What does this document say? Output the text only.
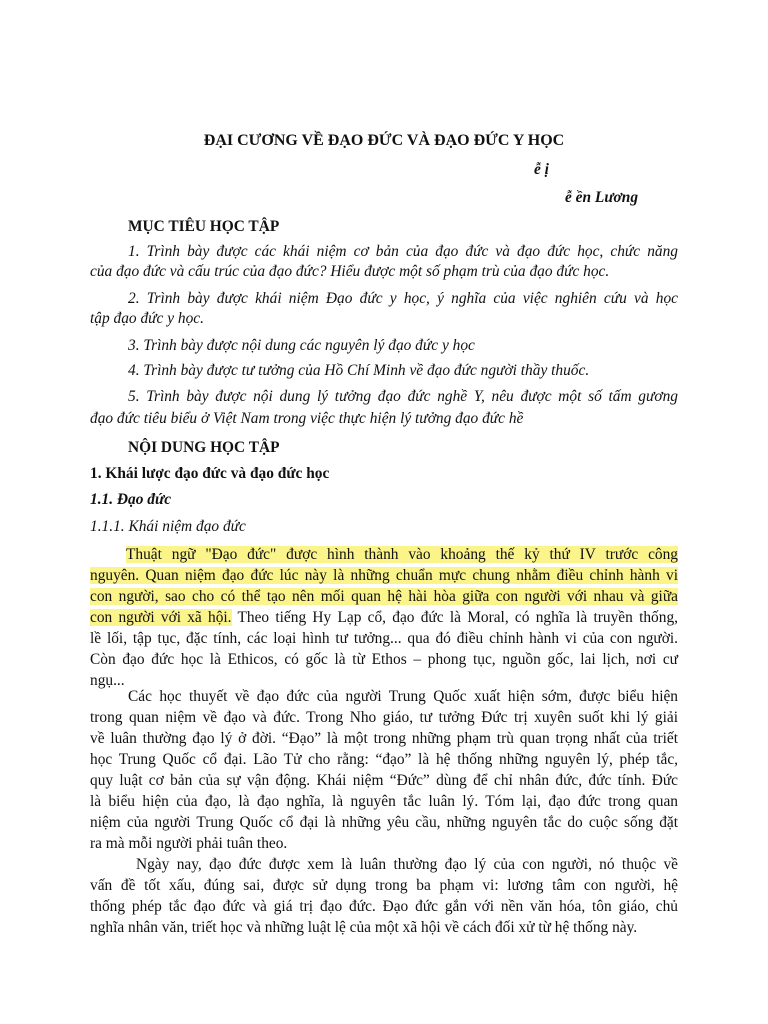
ĐẠI CƯƠNG VỀ ĐẠO ĐỨC VÀ ĐẠO ĐỨC Y HỌC
ễ ị
ễ ền Lương
MỤC TIÊU HỌC TẬP
1. Trình bày được các khái niệm cơ bản của đạo đức và đạo đức học, chức năng
của đạo đức và cấu trúc của đạo đức? Hiểu được một số phạm trù của đạo đức học.
2. Trình bày được khái niệm Đạo đức y học, ý nghĩa của việc nghiên cứu và học
tập đạo đức y học.
3. Trình bày được nội dung các nguyên lý đạo đức y học
4. Trình bày được tư tưởng của Hồ Chí Minh về đạo đức người thầy thuốc.
5. Trình bày được nội dung lý tưởng đạo đức nghề Y, nêu được một số tấm gương
đạo đức tiêu biểu ở Việt Nam trong việc thực hiện lý tưởng đạo đức hề
NỘI DUNG HỌC TẬP
1. Khái lược đạo đức và đạo đức học
1.1. Đạo đức
1.1.1. Khái niệm đạo đức
Thuật ngữ "Đạo đức" được hình thành vào khoảng thế kỷ thứ IV trước công
nguyên. Quan niệm đạo đức lúc này là những chuẩn mực chung nhằm điều chỉnh hành vi
con người, sao cho có thể tạo nên mối quan hệ hài hòa giữa con người với nhau và giữa
con người với xã hội. Theo tiếng Hy Lạp cổ, đạo đức là Moral, có nghĩa là truyền thống,
lề lối, tập tục, đặc tính, các loại hình tư tưởng... qua đó điều chỉnh hành vi của con người.
Còn đạo đức học là Ethicos, có gốc là từ Ethos – phong tục, nguồn gốc, lai lịch, nơi cư
ngụ...
Các học thuyết về đạo đức của người Trung Quốc xuất hiện sớm, được biểu hiện
trong quan niệm về đạo và đức. Trong Nho giáo, tư tưởng Đức trị xuyên suốt khi lý giải
về luân thường đạo lý ở đời. “Đạo” là một trong những phạm trù quan trọng nhất của triết
học Trung Quốc cổ đại. Lão Tử cho rằng: “đạo” là hệ thống những nguyên lý, phép tắc,
quy luật cơ bản của sự vận động. Khái niệm “Đức” dùng để chỉ nhân đức, đức tính. Đức
là biểu hiện của đạo, là đạo nghĩa, là nguyên tắc luân lý. Tóm lại, đạo đức trong quan
niệm của người Trung Quốc cổ đại là những yêu cầu, những nguyên tắc do cuộc sống đặt
ra mà mỗi người phải tuân theo.
Ngày nay, đạo đức được xem là luân thường đạo lý của con người, nó thuộc về
vấn đề tốt xấu, đúng sai, được sử dụng trong ba phạm vi: lương tâm con người, hệ
thống phép tắc đạo đức và giá trị đạo đức. Đạo đức gắn với nền văn hóa, tôn giáo, chủ
nghĩa nhân văn, triết học và những luật lệ của một xã hội về cách đối xử từ hệ thống này.
